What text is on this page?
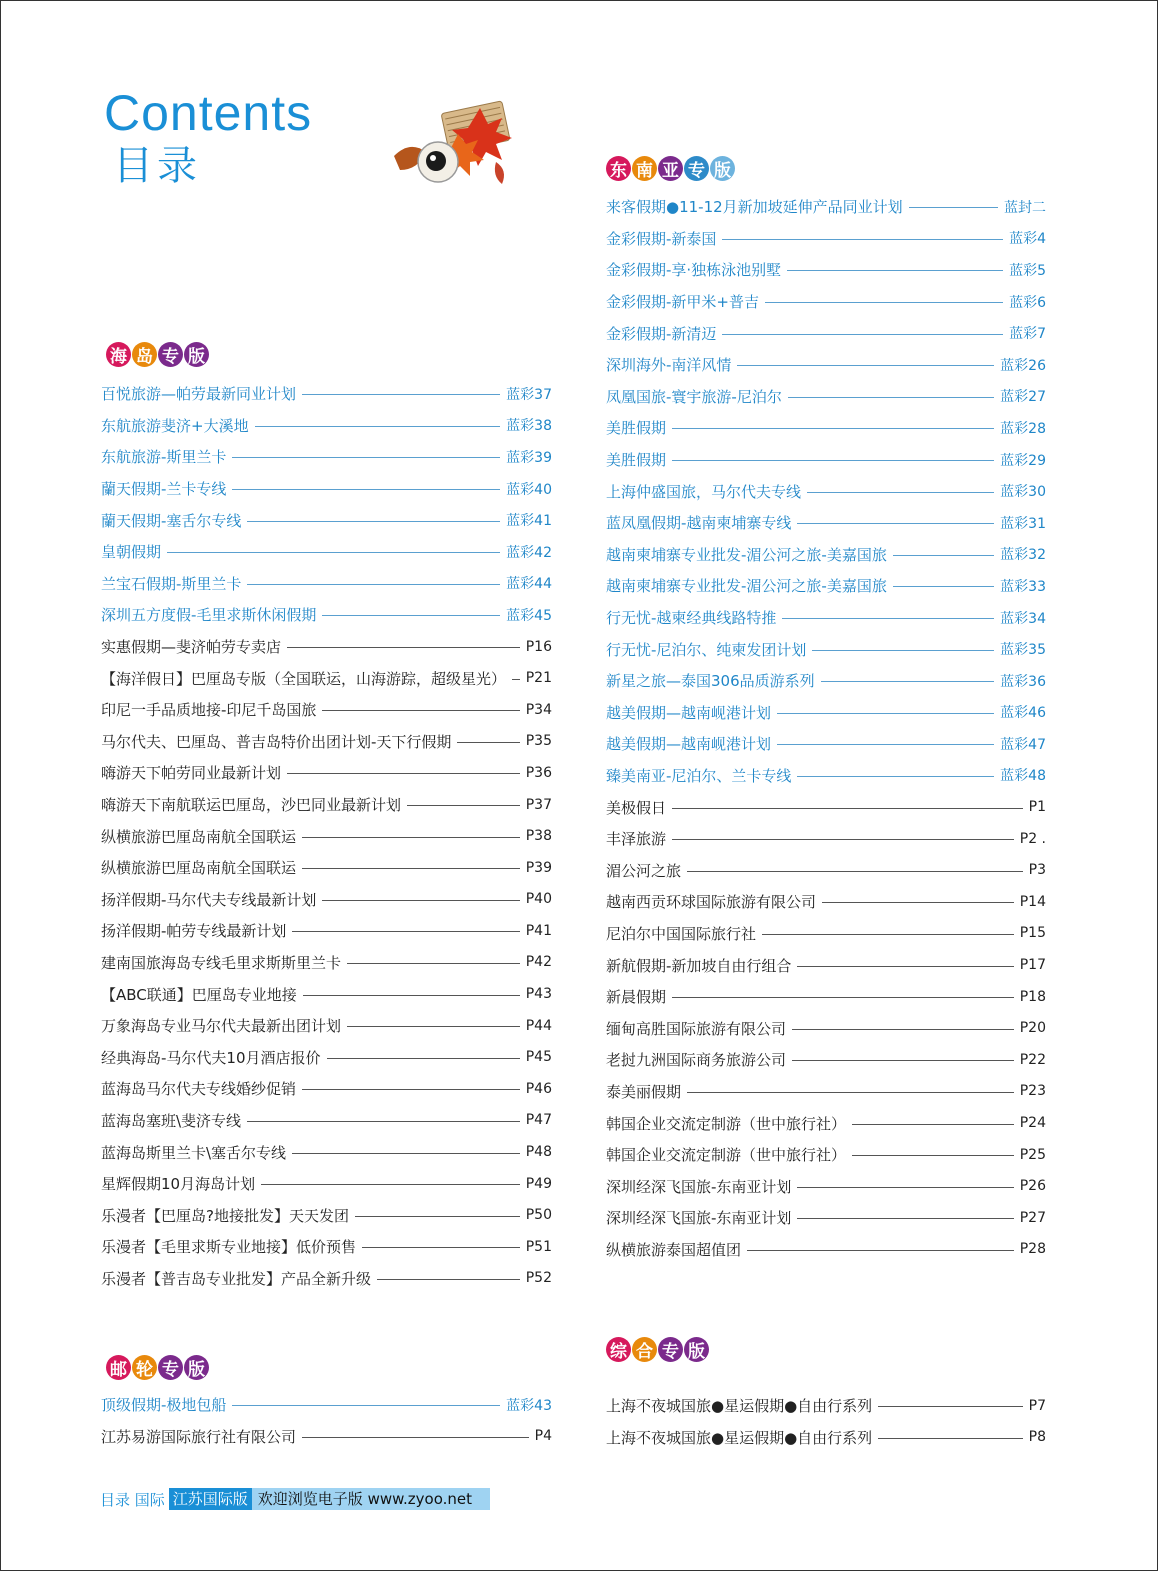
Contents
目录
海 岛 专 版
百悦旅游—帕劳最新同业计划	蓝彩37
东航旅游斐济+大溪地	蓝彩38
东航旅游-斯里兰卡	蓝彩39
蘭天假期-兰卡专线	蓝彩40
蘭天假期-塞舌尔专线	蓝彩41
皇朝假期	蓝彩42
兰宝石假期-斯里兰卡	蓝彩44
深圳五方度假-毛里求斯休闲假期	蓝彩45
实惠假期—斐济帕劳专卖店	P16
【海洋假日】巴厘岛专版（全国联运，山海游踪，超级星光） P21
印尼一手品质地接-印尼千岛国旅	P34
马尔代夫、巴厘岛、普吉岛特价出团计划-天下行假期	P35
嗨游天下帕劳同业最新计划	P36
嗨游天下南航联运巴厘岛，沙巴同业最新计划	P37
纵横旅游巴厘岛南航全国联运	P38
纵横旅游巴厘岛南航全国联运	P39
扬洋假期-马尔代夫专线最新计划	P40
扬洋假期-帕劳专线最新计划	P41
建南国旅海岛专线毛里求斯斯里兰卡	P42
【ABC联通】巴厘岛专业地接	P43
万象海岛专业马尔代夫最新出团计划	P44
经典海岛-马尔代夫10月酒店报价	P45
蓝海岛马尔代夫专线婚纱促销	P46
蓝海岛塞班\斐济专线	P47
蓝海岛斯里兰卡\塞舌尔专线	P48
星辉假期10月海岛计划	P49
乐漫者【巴厘岛?地接批发】天天发团	P50
乐漫者【毛里求斯专业地接】低价预售	P51
乐漫者【普吉岛专业批发】产品全新升级	P52
邮 轮 专 版
顶级假期-极地包船	蓝彩43
江苏易游国际旅行社有限公司	P4
东 南 亚 专 版
来客假期●11-12月新加坡延伸产品同业计划	蓝封二
金彩假期-新泰国	蓝彩4
金彩假期-享·独栋泳池别墅	蓝彩5
金彩假期-新甲米+普吉	蓝彩6
金彩假期-新清迈	蓝彩7
深圳海外-南洋风情	蓝彩26
凤凰国旅-寰宇旅游-尼泊尔	蓝彩27
美胜假期	蓝彩28
美胜假期	蓝彩29
上海仲盛国旅，马尔代夫专线	蓝彩30
蓝凤凰假期-越南柬埔寨专线	蓝彩31
越南柬埔寨专业批发-湄公河之旅-美嘉国旅	蓝彩32
越南柬埔寨专业批发-湄公河之旅-美嘉国旅	蓝彩33
行无忧-越柬经典线路特推	蓝彩34
行无忧-尼泊尔、纯柬发团计划	蓝彩35
新星之旅—泰国306品质游系列	蓝彩36
越美假期—越南岘港计划	蓝彩46
越美假期—越南岘港计划	蓝彩47
臻美南亚-尼泊尔、兰卡专线	蓝彩48
美极假日	P1
丰泽旅游	P2 .
湄公河之旅	P3
越南西贡环球国际旅游有限公司	P14
尼泊尔中国国际旅行社	P15
新航假期-新加坡自由行组合	P17
新晨假期	P18
缅甸高胜国际旅游有限公司	P20
老挝九洲国际商务旅游公司	P22
泰美丽假期	P23
韩国企业交流定制游（世中旅行社）	P24
韩国企业交流定制游（世中旅行社）	P25
深圳经深飞国旅-东南亚计划	P26
深圳经深飞国旅-东南亚计划	P27
纵横旅游泰国超值团	P28
综 合 专 版
上海不夜城国旅●星运假期●自由行系列	P7
上海不夜城国旅●星运假期●自由行系列	P8
目录 国际 江苏国际版 欢迎浏览电子版 www.zyoo.net
